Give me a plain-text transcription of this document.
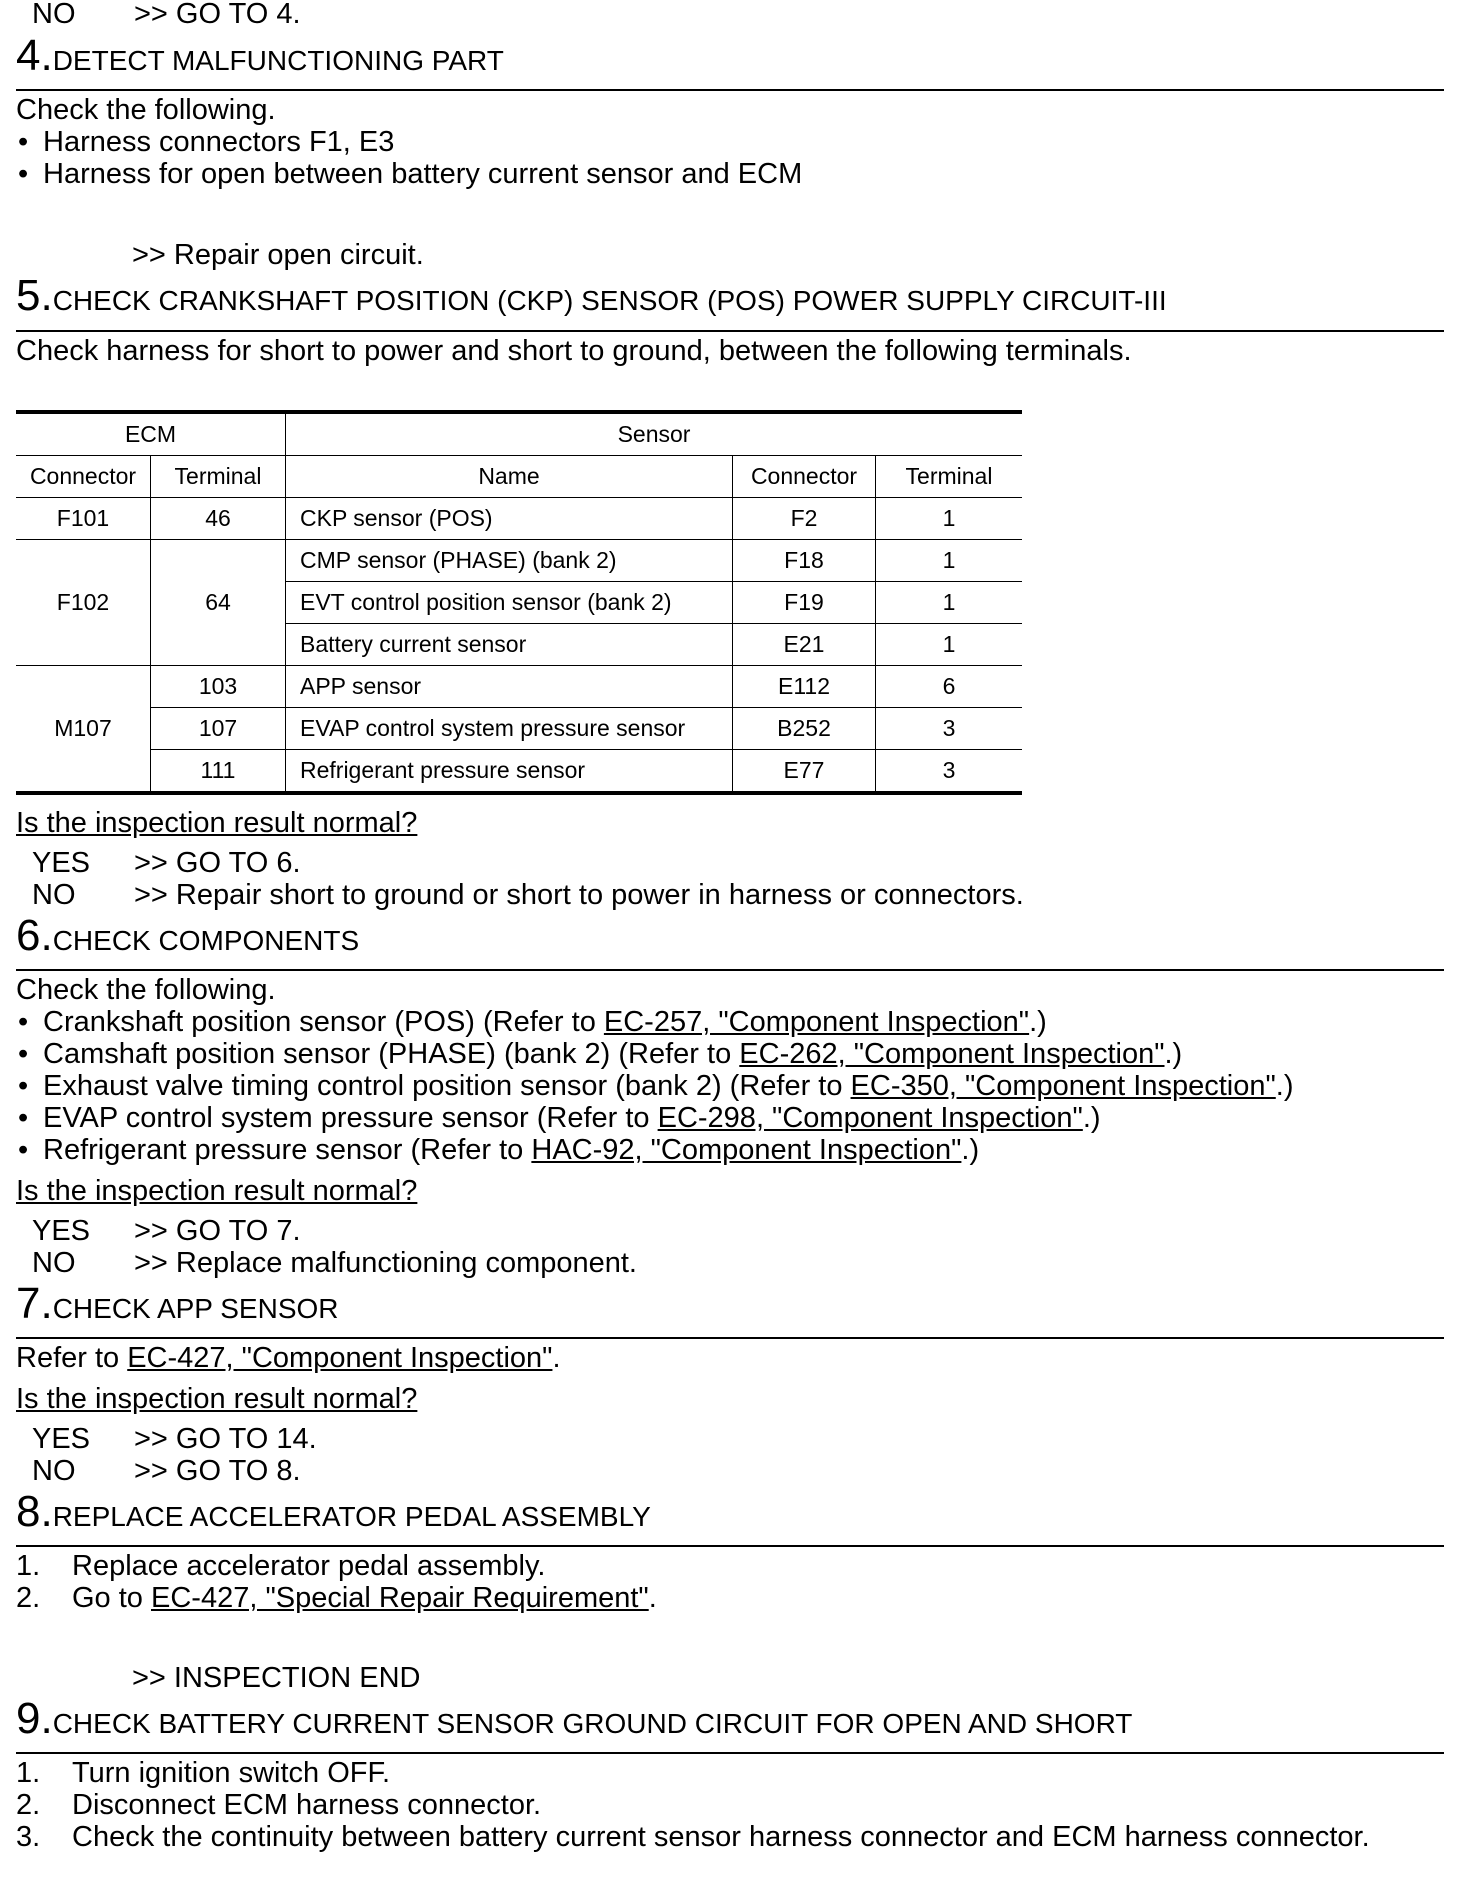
NO >> GO TO 4.
4.DETECT MALFUNCTIONING PART
Check the following.
• Harness connectors F1, E3
• Harness for open between battery current sensor and ECM
>> Repair open circuit.
5.CHECK CRANKSHAFT POSITION (CKP) SENSOR (POS) POWER SUPPLY CIRCUIT-III
Check harness for short to power and short to ground, between the following terminals.
ECM		Sensor		
Connector	Terminal	Name	Connector	Terminal
F101	46	CKP sensor (POS)	F2	1
F102	64	CMP sensor (PHASE) (bank 2)	F18	1
		EVT control position sensor (bank 2)	F19	1
		Battery current sensor	E21	1
M107	103	APP sensor	E112	6
	107	EVAP control system pressure sensor	B252	3
	111	Refrigerant pressure sensor	E77	3
Is the inspection result normal?
YES >> GO TO 6.
NO >> Repair short to ground or short to power in harness or connectors.
6.CHECK COMPONENTS
Check the following.
• Crankshaft position sensor (POS) (Refer to EC-257, "Component Inspection".)
• Camshaft position sensor (PHASE) (bank 2) (Refer to EC-262, "Component Inspection".)
• Exhaust valve timing control position sensor (bank 2) (Refer to EC-350, "Component Inspection".)
• EVAP control system pressure sensor (Refer to EC-298, "Component Inspection".)
• Refrigerant pressure sensor (Refer to HAC-92, "Component Inspection".)
Is the inspection result normal?
YES >> GO TO 7.
NO >> Replace malfunctioning component.
7.CHECK APP SENSOR
Refer to EC-427, "Component Inspection".
Is the inspection result normal?
YES >> GO TO 14.
NO >> GO TO 8.
8.REPLACE ACCELERATOR PEDAL ASSEMBLY
1. Replace accelerator pedal assembly.
2. Go to EC-427, "Special Repair Requirement".
>> INSPECTION END
9.CHECK BATTERY CURRENT SENSOR GROUND CIRCUIT FOR OPEN AND SHORT
1. Turn ignition switch OFF.
2. Disconnect ECM harness connector.
3. Check the continuity between battery current sensor harness connector and ECM harness connector.
